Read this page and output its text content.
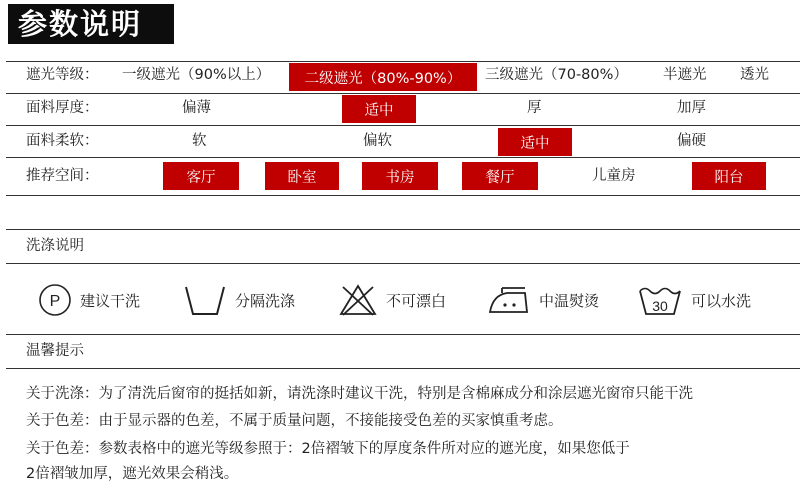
参数说明
遮光等级： 一级遮光（90%以上）	二级遮光（80%-90%）	三级遮光（70-80%） 半遮光 透光
面料厚度：	偏薄	适中	厚	加厚
面料柔软：	软	偏软	适中	偏硬
推荐空间：	客厅	卧室	书房	餐厅	儿童房	阳台
洗涤说明
P 建议干洗	分隔洗涤	不可漂白	中温熨烫	30 可以水洗
温馨提示
关于洗涤：为了清洗后窗帘的挺括如新，请洗涤时建议干洗，特别是含棉麻成分和涂层遮光窗帘只能干洗
关于色差：由于显示器的色差，不属于质量问题，不接能接受色差的买家慎重考虑。
关于色差：参数表格中的遮光等级参照于：2倍褶皱下的厚度条件所对应的遮光度，如果您低于
2倍褶皱加厚，遮光效果会稍浅。
